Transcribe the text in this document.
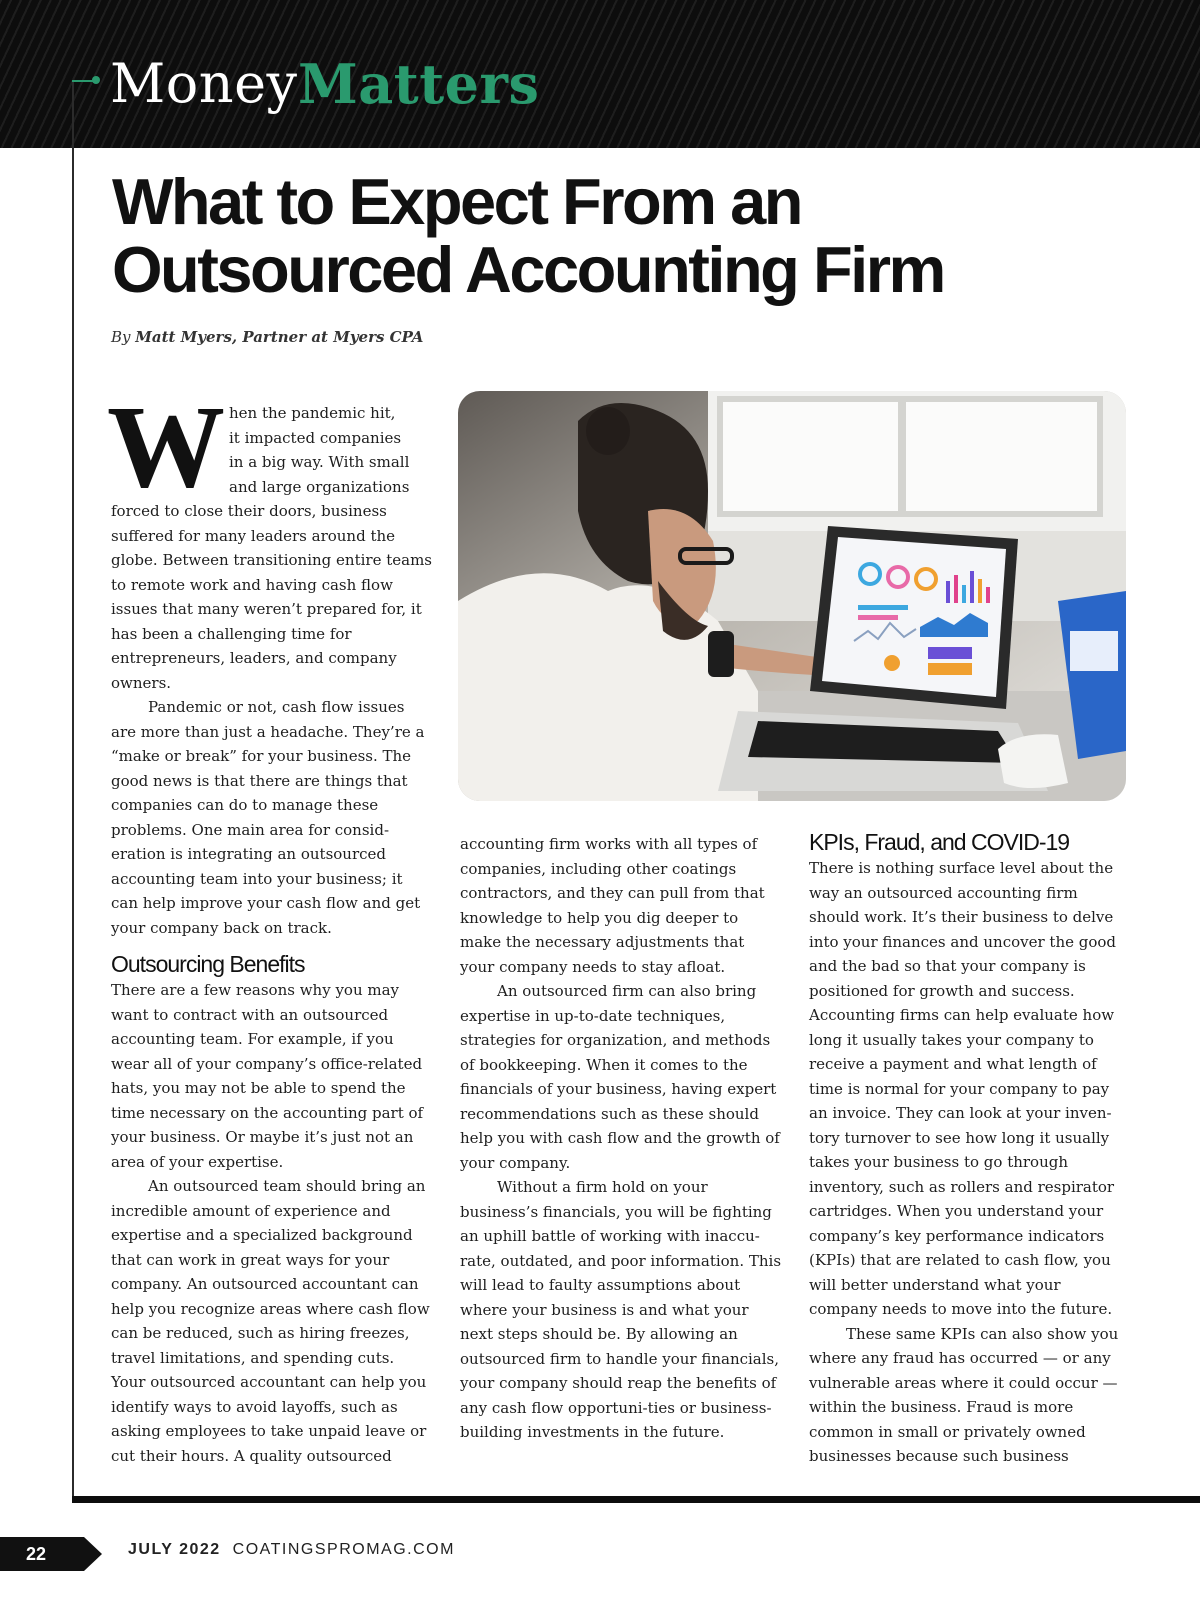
Money Matters
What to Expect From an
Outsourced Accounting Firm
By Matt Myers, Partner at Myers CPA
W hen the pandemic hit,
it impacted companies
in a big way. With small
and large organizations

forced to close their doors, business suffered for many leaders around the globe. Between transitioning entire teams to remote work and having cash flow issues that many weren’t prepared for, it has been a challenging time for entrepreneurs, leaders, and company owners.

Pandemic or not, cash flow issues are more than just a headache. They’re a “make or break” for your business. The good news is that there are things that companies can do to manage these problems. One main area for consid-eration is integrating an outsourced accounting team into your business; it can help improve your cash flow and get your company back on track.

Outsourcing Benefits

There are a few reasons why you may want to contract with an outsourced accounting team. For example, if you wear all of your company’s office-related hats, you may not be able to spend the time necessary on the accounting part of your business. Or maybe it’s just not an area of your expertise.

An outsourced team should bring an incredible amount of experience and expertise and a specialized background that can work in great ways for your company. An outsourced accountant can help you recognize areas where cash flow can be reduced, such as hiring freezes, travel limitations, and spending cuts. Your outsourced accountant can help you identify ways to avoid layoffs, such as asking employees to take unpaid leave or cut their hours. A quality outsourced

accounting firm works with all types of companies, including other coatings contractors, and they can pull from that knowledge to help you dig deeper to make the necessary adjustments that your company needs to stay afloat.

An outsourced firm can also bring expertise in up-to-date techniques, strategies for organization, and methods of bookkeeping. When it comes to the financials of your business, having expert recommendations such as these should help you with cash flow and the growth of your company.

Without a firm hold on your business’s financials, you will be fighting an uphill battle of working with inaccu-rate, outdated, and poor information. This will lead to faulty assumptions about where your business is and what your next steps should be. By allowing an outsourced firm to handle your financials, your company should reap the benefits of any cash flow opportuni-ties or business-building investments in the future.

KPIs, Fraud, and COVID-19

There is nothing surface level about the way an outsourced accounting firm should work. It’s their business to delve into your finances and uncover the good and the bad so that your company is positioned for growth and success. Accounting firms can help evaluate how long it usually takes your company to receive a payment and what length of time is normal for your company to pay an invoice. They can look at your inven-tory turnover to see how long it usually takes your business to go through inventory, such as rollers and respirator cartridges. When you understand your company’s key performance indicators (KPIs) that are related to cash flow, you will better understand what your company needs to move into the future.

These same KPIs can also show you where any fraud has occurred — or any vulnerable areas where it could occur — within the business. Fraud is more common in small or privately owned businesses because such business

22	JULY 2022 COATINGSPROMAG.COM
